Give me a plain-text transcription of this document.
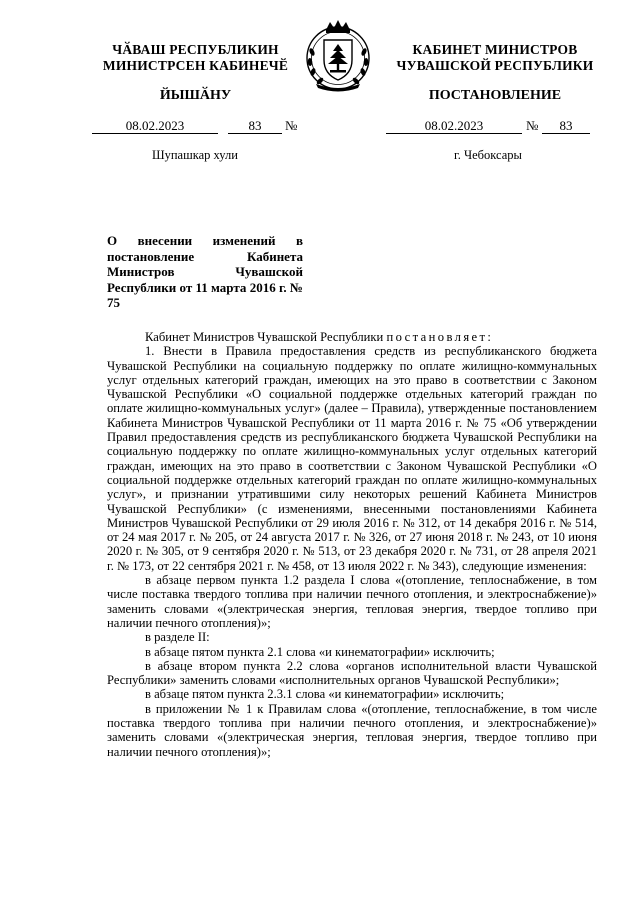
ЧӐВАШ РЕСПУБЛИКИН
МИНИСТРСЕН КАБИНЕЧӖ
КАБИНЕТ МИНИСТРОВ
ЧУВАШСКОЙ РЕСПУБЛИКИ
ЙЫШӐНУ	ПОСТАНОВЛЕНИЕ
08.02.2023	83	№	08.02.2023	№	83
Шупашкар хули	г. Чебоксары
О внесении изменений в постановление Кабинета Министров Чувашской Республики от 11 марта 2016 г. № 75

Кабинет Министров Чувашской Республики постановляет:

1. Внести в Правила предоставления средств из республиканского бюджета Чувашской Республики на социальную поддержку по оплате жилищно-коммунальных услуг отдельных категорий граждан, имеющих на это право в соответствии с Законом Чувашской Республики «О социальной поддержке отдельных категорий граждан по оплате жилищно-коммунальных услуг» (далее – Правила), утвержденные постановлением Кабинета Министров Чувашской Республики от 11 марта 2016 г. № 75 «Об утверждении Правил предоставления средств из республиканского бюджета Чувашской Республики на социальную поддержку по оплате жилищно-коммунальных услуг отдельных категорий граждан, имеющих на это право в соответствии с Законом Чувашской Республики «О социальной поддержке отдельных категорий граждан по оплате жилищно-коммунальных услуг», и признании утратившими силу некоторых решений Кабинета Министров Чувашской Республики» (с изменениями, внесенными постановлениями Кабинета Министров Чувашской Республики от 29 июля 2016 г. № 312, от 14 декабря 2016 г. № 514, от 24 мая 2017 г. № 205, от 24 августа 2017 г. № 326, от 27 июня 2018 г. № 243, от 10 июня 2020 г. № 305, от 9 сентября 2020 г. № 513, от 23 декабря 2020 г. № 731, от 28 апреля 2021 г. № 173, от 22 сентября 2021 г. № 458, от 13 июля 2022 г. № 343), следующие изменения:

в абзаце первом пункта 1.2 раздела I слова «(отопление, теплоснабжение, в том числе поставка твердого топлива при наличии печного отопления, и электроснабжение)» заменить словами «(электрическая энергия, тепловая энергия, твердое топливо при наличии печного отопления)»;

в разделе II:

в абзаце пятом пункта 2.1 слова «и кинематографии» исключить;

в абзаце втором пункта 2.2 слова «органов исполнительной власти Чувашской Республики» заменить словами «исполнительных органов Чувашской Республики»;

в абзаце пятом пункта 2.3.1 слова «и кинематографии» исключить;

в приложении № 1 к Правилам слова «(отопление, теплоснабжение, в том числе поставка твердого топлива при наличии печного отопления, и электроснабжение)» заменить словами «(электрическая энергия, тепловая энергия, твердое топливо при наличии печного отопления)»;
